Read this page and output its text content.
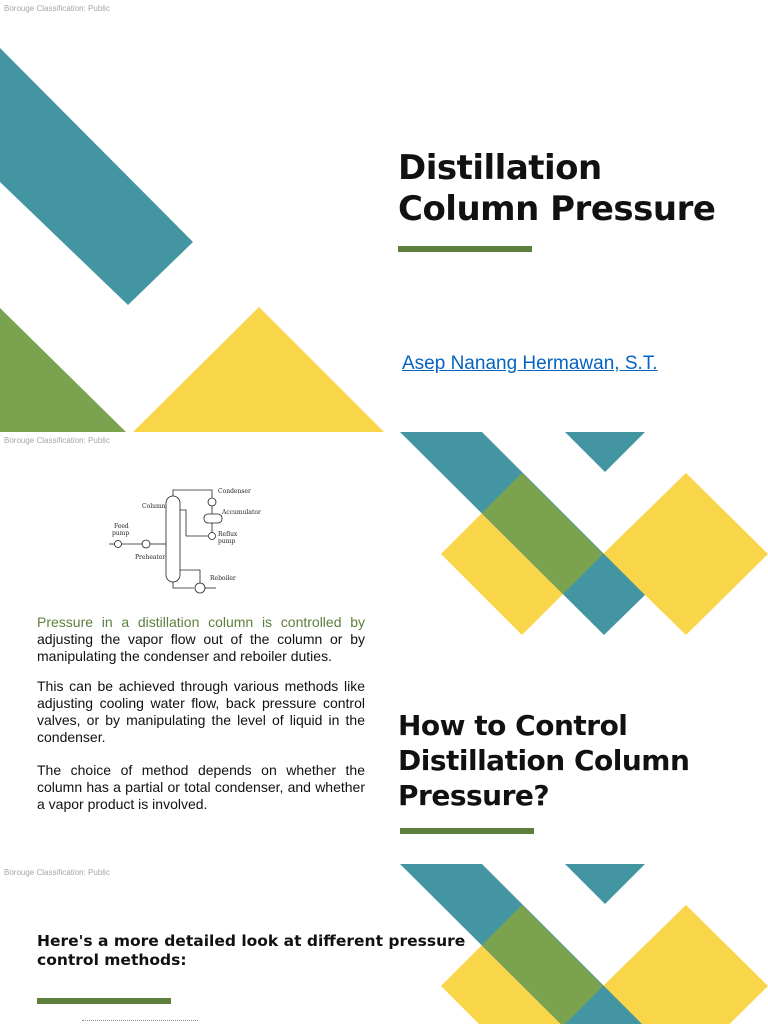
Borouge Classification: Public
Distillation
Column Pressure
Asep Nanang Hermawan, S.T.
Borouge Classification: Public
Condenser
Column
Accumulator
Feed
pump	Reflux
pump
Preheater
Reboiler
Pressure in a distillation column is controlled by adjusting the vapor flow out of the column or by manipulating the condenser and reboiler duties.
This can be achieved through various methods like adjusting cooling water flow, back pressure control valves, or by manipulating the level of liquid in the condenser.
The choice of method depends on whether the column has a partial or total condenser, and whether a vapor product is involved.
How to Control
Distillation Column
Pressure?
Borouge Classification: Public
Here's a more detailed look at different pressure
control methods:
